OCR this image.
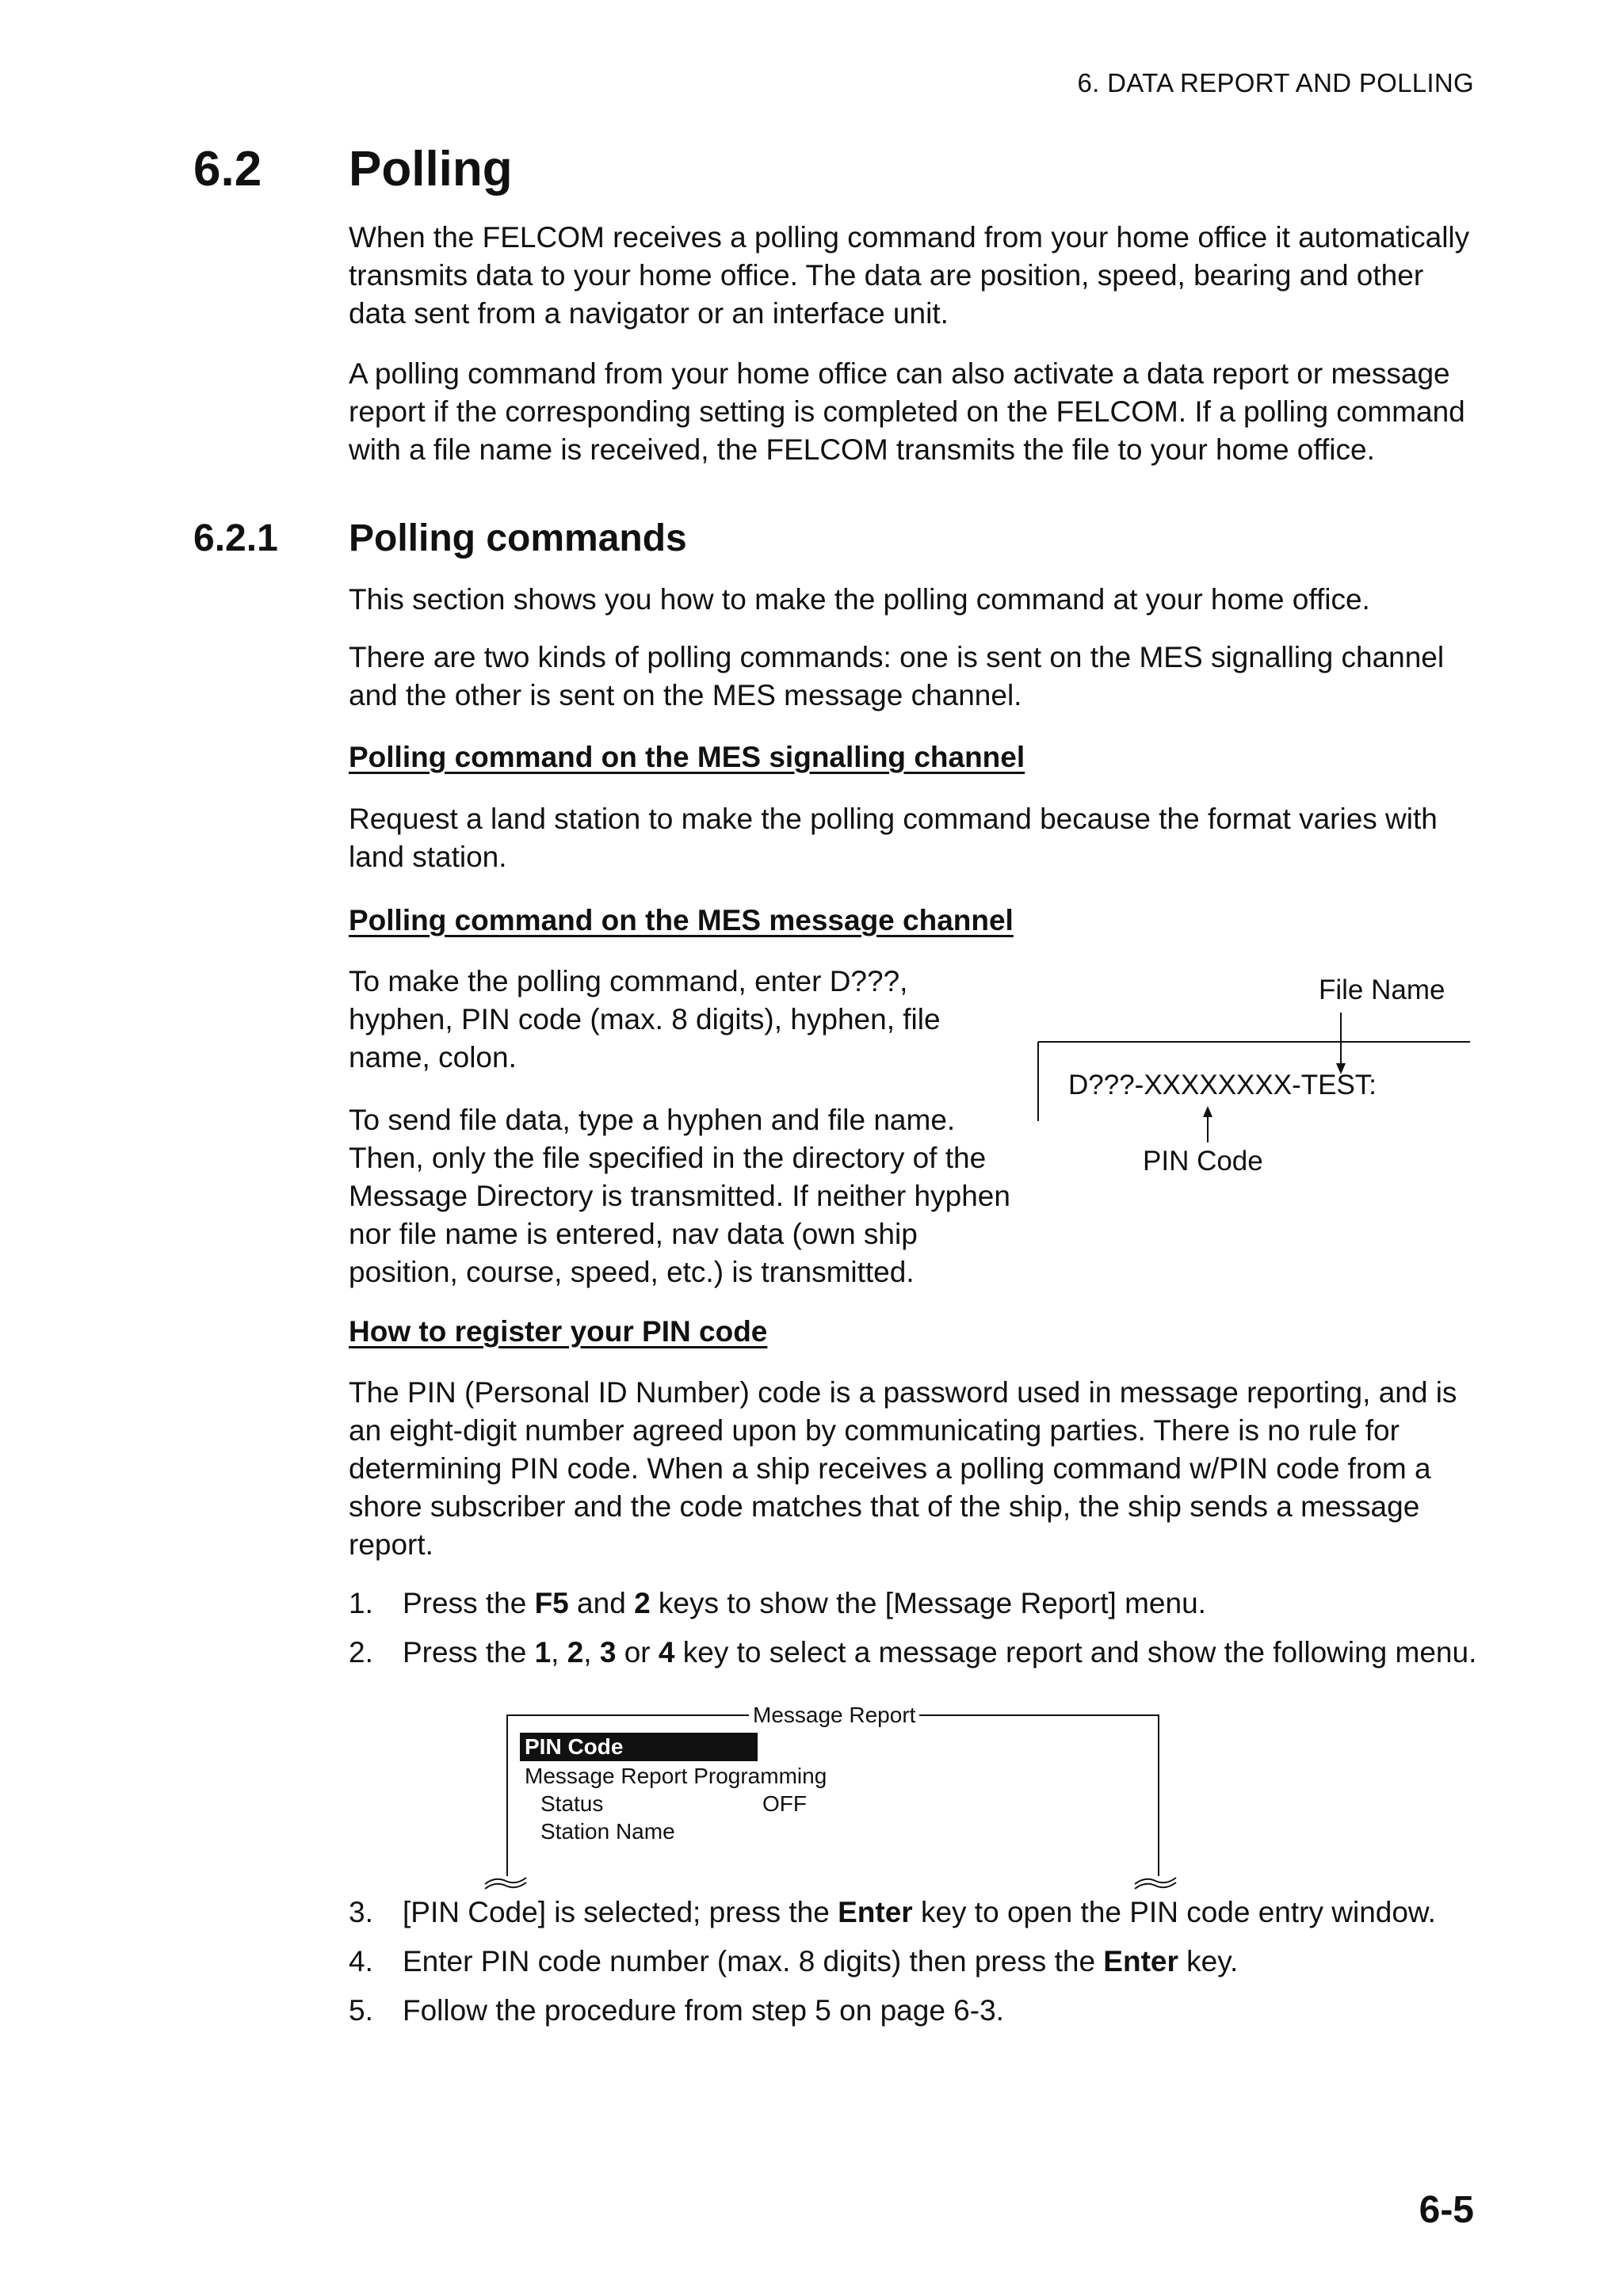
6. DATA REPORT AND POLLING
6.2 Polling
When the FELCOM receives a polling command from your home office it automatically transmits data to your home office. The data are position, speed, bearing and other data sent from a navigator or an interface unit.
A polling command from your home office can also activate a data report or message report if the corresponding setting is completed on the FELCOM. If a polling command with a file name is received, the FELCOM transmits the file to your home office.
6.2.1 Polling commands
This section shows you how to make the polling command at your home office.
There are two kinds of polling commands: one is sent on the MES signalling channel and the other is sent on the MES message channel.
Polling command on the MES signalling channel
Request a land station to make the polling command because the format varies with land station.
Polling command on the MES message channel
To make the polling command, enter D???, hyphen, PIN code (max. 8 digits), hyphen, file name, colon.
To send file data, type a hyphen and file name. Then, only the file specified in the directory of the Message Directory is transmitted. If neither hyphen nor file name is entered, nav data (own ship position, course, speed, etc.) is transmitted.
File Name
D???-XXXXXXXX-TEST:
PIN Code
How to register your PIN code
The PIN (Personal ID Number) code is a password used in message reporting, and is an eight-digit number agreed upon by communicating parties. There is no rule for determining PIN code. When a ship receives a polling command w/PIN code from a shore subscriber and the code matches that of the ship, the ship sends a message report.
1.	Press the F5 and 2 keys to show the [Message Report] menu.
2.	Press the 1, 2, 3 or 4 key to select a message report and show the following menu.
Message Report
PIN Code
Message Report Programming
Status	OFF
Station Name
3.	[PIN Code] is selected; press the Enter key to open the PIN code entry window.
4.	Enter PIN code number (max. 8 digits) then press the Enter key.
5.	Follow the procedure from step 5 on page 6-3.
6-5
